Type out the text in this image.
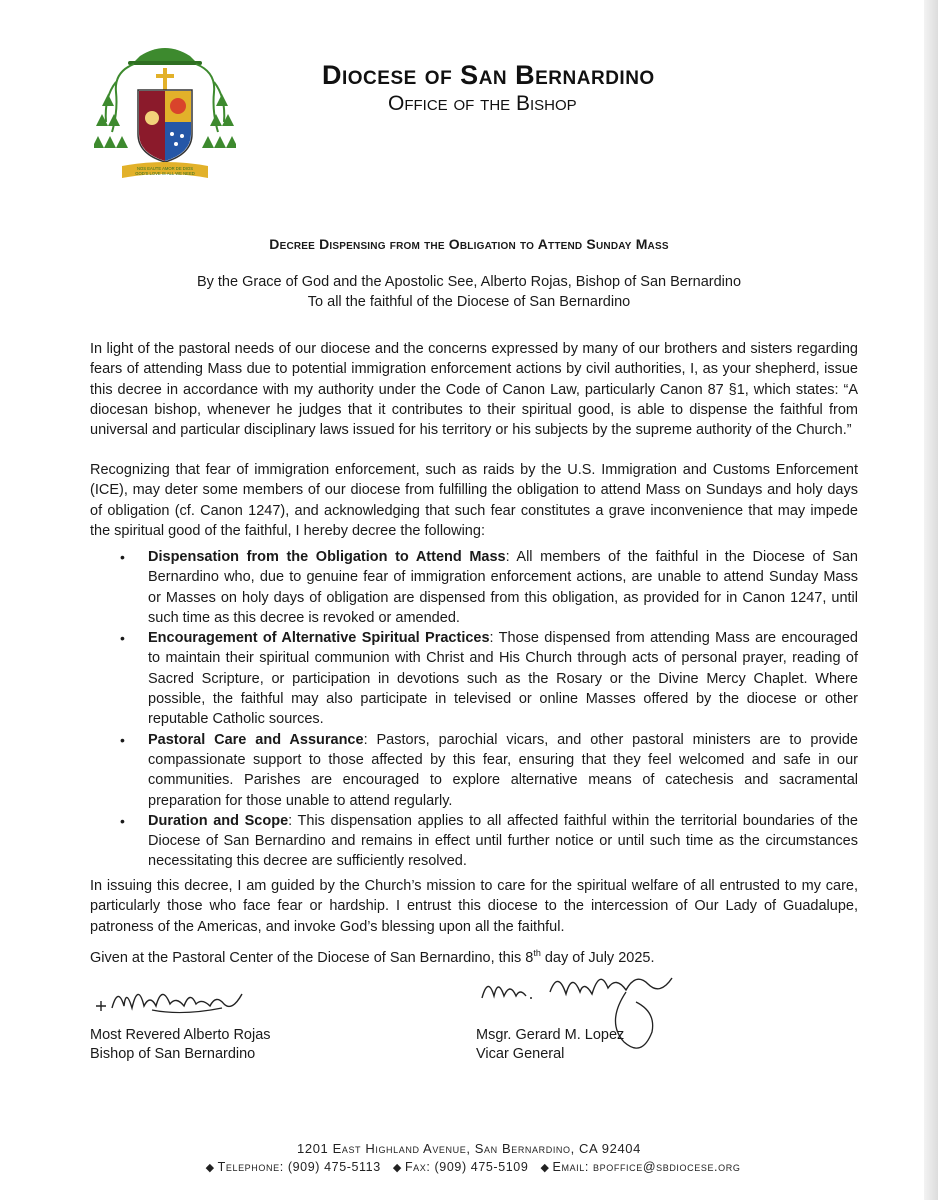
NOS EAUTE AMOR DE DIOS
GOD'S LOVE IS ALL WE NEED
Diocese of San Bernardino
Office of the Bishop
Decree Dispensing from the Obligation to Attend Sunday Mass
By the Grace of God and the Apostolic See, Alberto Rojas, Bishop of San Bernardino
To all the faithful of the Diocese of San Bernardino
In light of the pastoral needs of our diocese and the concerns expressed by many of our brothers and sisters regarding fears of attending Mass due to potential immigration enforcement actions by civil authorities, I, as your shepherd, issue this decree in accordance with my authority under the Code of Canon Law, particularly Canon 87 §1, which states: “A diocesan bishop, whenever he judges that it contributes to their spiritual good, is able to dispense the faithful from universal and particular disciplinary laws issued for his territory or his subjects by the supreme authority of the Church.”
Recognizing that fear of immigration enforcement, such as raids by the U.S. Immigration and Customs Enforcement (ICE), may deter some members of our diocese from fulfilling the obligation to attend Mass on Sundays and holy days of obligation (cf. Canon 1247), and acknowledging that such fear constitutes a grave inconvenience that may impede the spiritual good of the faithful, I hereby decree the following:
• Dispensation from the Obligation to Attend Mass: All members of the faithful in the Diocese of San Bernardino who, due to genuine fear of immigration enforcement actions, are unable to attend Sunday Mass or Masses on holy days of obligation are dispensed from this obligation, as provided for in Canon 1247, until such time as this decree is revoked or amended.
• Encouragement of Alternative Spiritual Practices: Those dispensed from attending Mass are encouraged to maintain their spiritual communion with Christ and His Church through acts of personal prayer, reading of Sacred Scripture, or participation in devotions such as the Rosary or the Divine Mercy Chaplet. Where possible, the faithful may also participate in televised or online Masses offered by the diocese or other reputable Catholic sources.
• Pastoral Care and Assurance: Pastors, parochial vicars, and other pastoral ministers are to provide compassionate support to those affected by this fear, ensuring that they feel welcomed and safe in our communities. Parishes are encouraged to explore alternative means of catechesis and sacramental preparation for those unable to attend regularly.
• Duration and Scope: This dispensation applies to all affected faithful within the territorial boundaries of the Diocese of San Bernardino and remains in effect until further notice or until such time as the circumstances necessitating this decree are sufficiently resolved.
In issuing this decree, I am guided by the Church’s mission to care for the spiritual welfare of all entrusted to my care, particularly those who face fear or hardship. I entrust this diocese to the intercession of Our Lady of Guadalupe, patroness of the Americas, and invoke God’s blessing upon all the faithful.
Given at the Pastoral Center of the Diocese of San Bernardino, this 8th day of July 2025.
Most Revered Alberto Rojas
Bishop of San Bernardino
Msgr. Gerard M. Lopez
Vicar General
1201 East Highland Avenue, San Bernardino, CA 92404
◆ Telephone: (909) 475-5113 ◆ Fax: (909) 475-5109 ◆ Email: bpoffice@sbdiocese.org
